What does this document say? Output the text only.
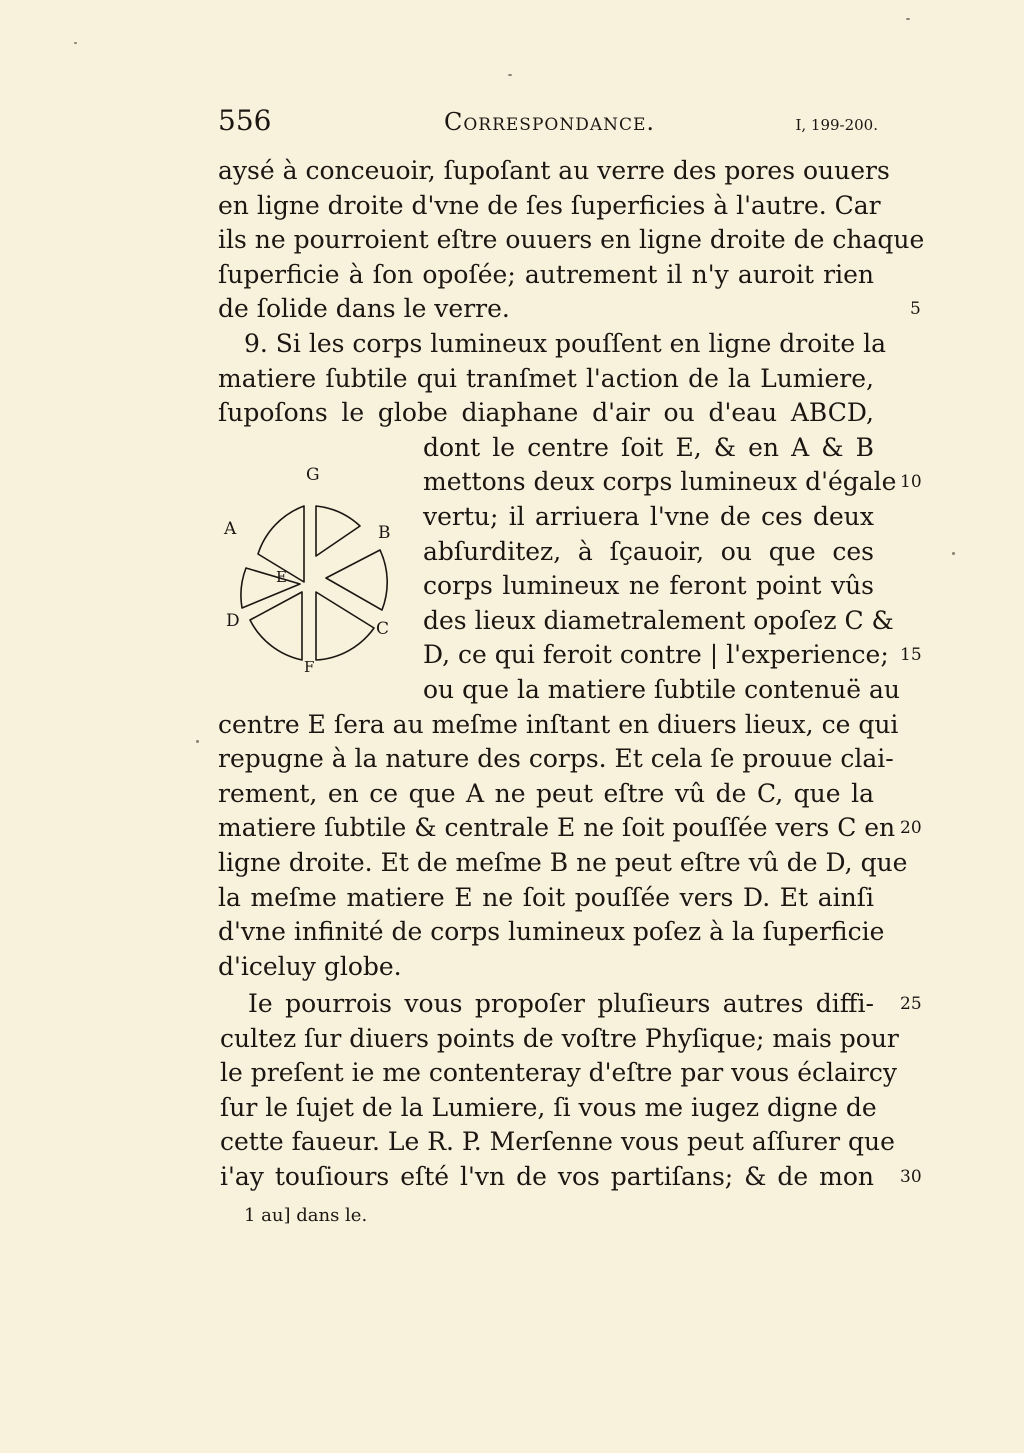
556	Correspondance.	I, 199-200.
aysé à conceuoir, ſupoſant au verre des pores ouuers
en ligne droite d'vne de ſes ſuperficies à l'autre. Car
ils ne pourroient eſtre ouuers en ligne droite de chaque
ſuperficie à ſon opoſée; autrement il n'y auroit rien
de ſolide dans le verre.
9. Si les corps lumineux pouſſent en ligne droite la
matiere ſubtile qui tranſmet l'action de la Lumiere,
ſupoſons le globe diaphane d'air ou d'eau ABCD,
dont le centre ſoit E, & en A & B
mettons deux corps lumineux d'égale
vertu; il arriuera l'vne de ces deux
abſurditez, à ſçauoir, ou que ces
corps lumineux ne feront point vûs
des lieux diametralement opoſez C &
D, ce qui feroit contre | l'experience;
ou que la matiere ſubtile contenuë au
centre E ſera au meſme inſtant en diuers lieux, ce qui
repugne à la nature des corps. Et cela ſe prouue clai-
rement, en ce que A ne peut eſtre vû de C, que la
matiere ſubtile & centrale E ne ſoit pouſſée vers C en
ligne droite. Et de meſme B ne peut eſtre vû de D, que
la meſme matiere E ne ſoit pouſſée vers D. Et ainſi
d'vne infinité de corps lumineux poſez à la ſuperficie
d'iceluy globe.
Ie pourrois vous propoſer pluſieurs autres diffi-
cultez ſur diuers points de voſtre Phyſique; mais pour
le preſent ie me contenteray d'eſtre par vous éclaircy
ſur le ſujet de la Lumiere, ſi vous me iugez digne de
cette faueur. Le R. P. Merſenne vous peut aſſurer que
i'ay touſiours eſté l'vn de vos partiſans; & de mon
5
10
15
20
25
30
G
A	B
E
D	C
F
1 au] dans le.
